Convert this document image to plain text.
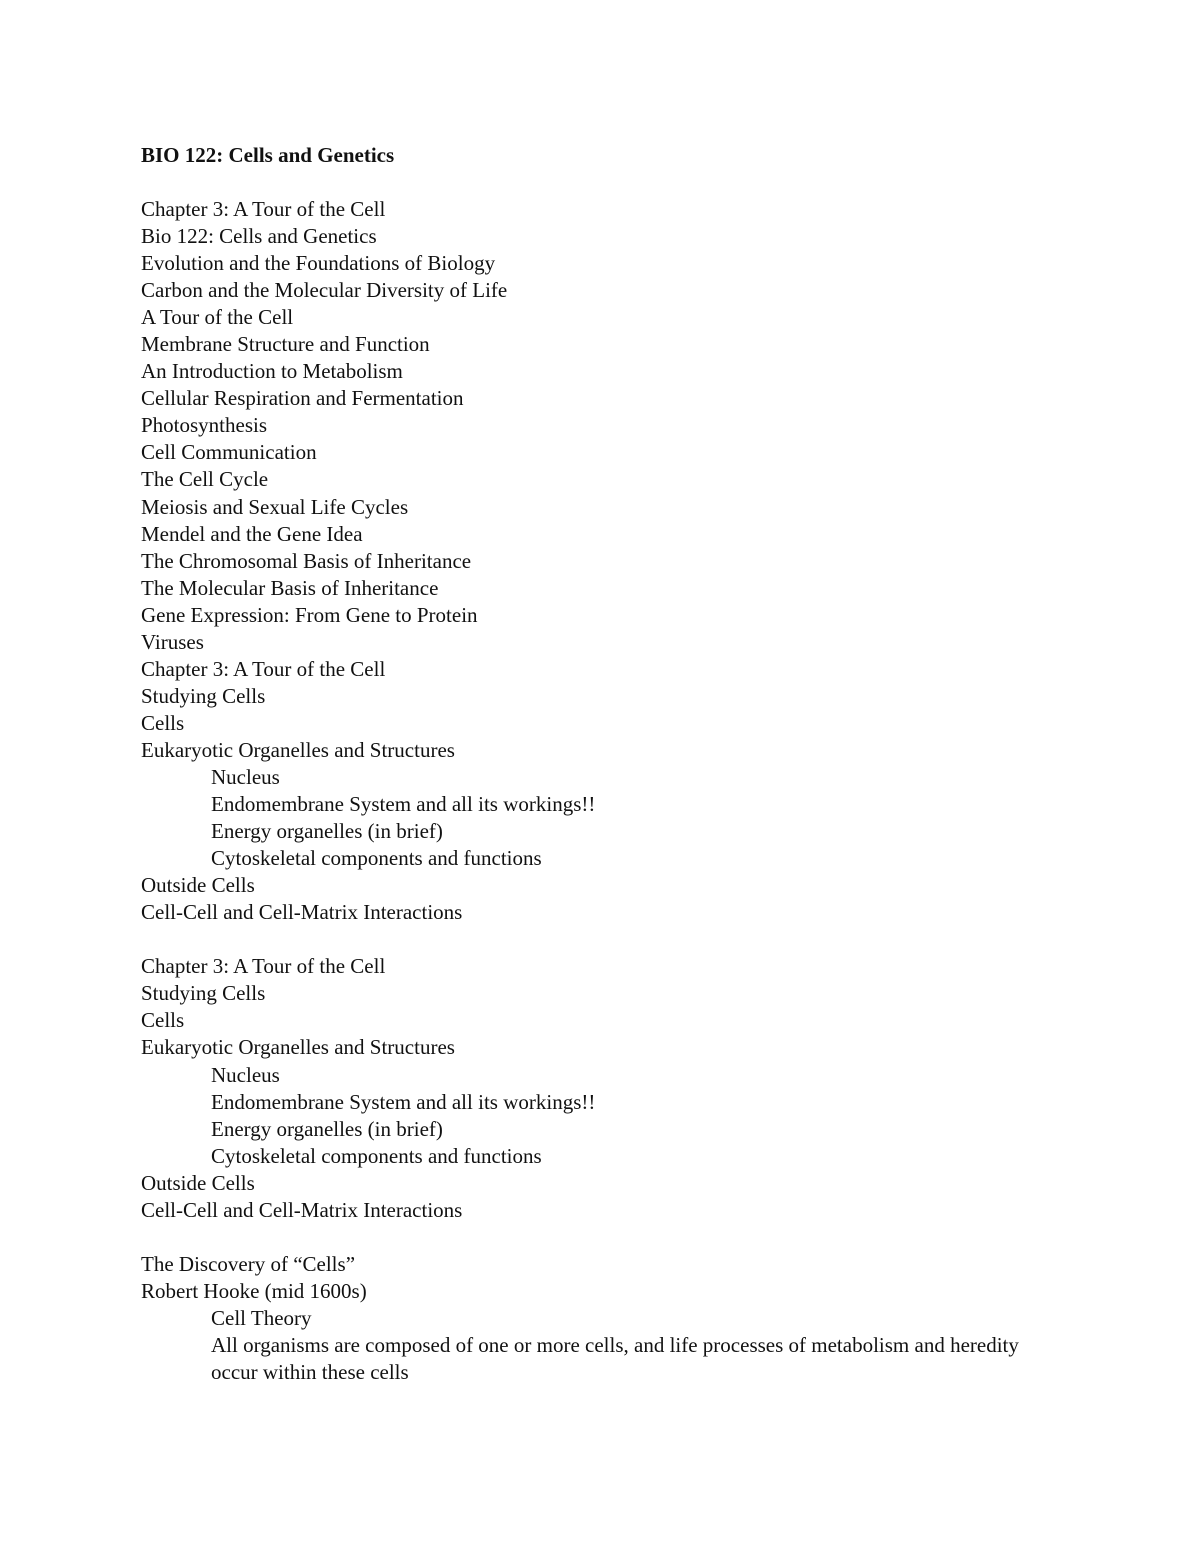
BIO 122: Cells and Genetics
Chapter 3: A Tour of the Cell
Bio 122: Cells and Genetics
Evolution and the Foundations of Biology
Carbon and the Molecular Diversity of Life
A Tour of the Cell
Membrane Structure and Function
An Introduction to Metabolism
Cellular Respiration and Fermentation
Photosynthesis
Cell Communication
The Cell Cycle
Meiosis and Sexual Life Cycles
Mendel and the Gene Idea
The Chromosomal Basis of Inheritance
The Molecular Basis of Inheritance
Gene Expression: From Gene to Protein
Viruses
Chapter 3: A Tour of the Cell
Studying Cells
Cells
Eukaryotic Organelles and Structures
Nucleus
Endomembrane System and all its workings!!
Energy organelles (in brief)
Cytoskeletal components and functions
Outside Cells
Cell-Cell and Cell-Matrix Interactions
Chapter 3: A Tour of the Cell
Studying Cells
Cells
Eukaryotic Organelles and Structures
Nucleus
Endomembrane System and all its workings!!
Energy organelles (in brief)
Cytoskeletal components and functions
Outside Cells
Cell-Cell and Cell-Matrix Interactions
The Discovery of “Cells”
Robert Hooke (mid 1600s)
Cell Theory
All organisms are composed of one or more cells, and life processes of metabolism and heredity occur within these cells
